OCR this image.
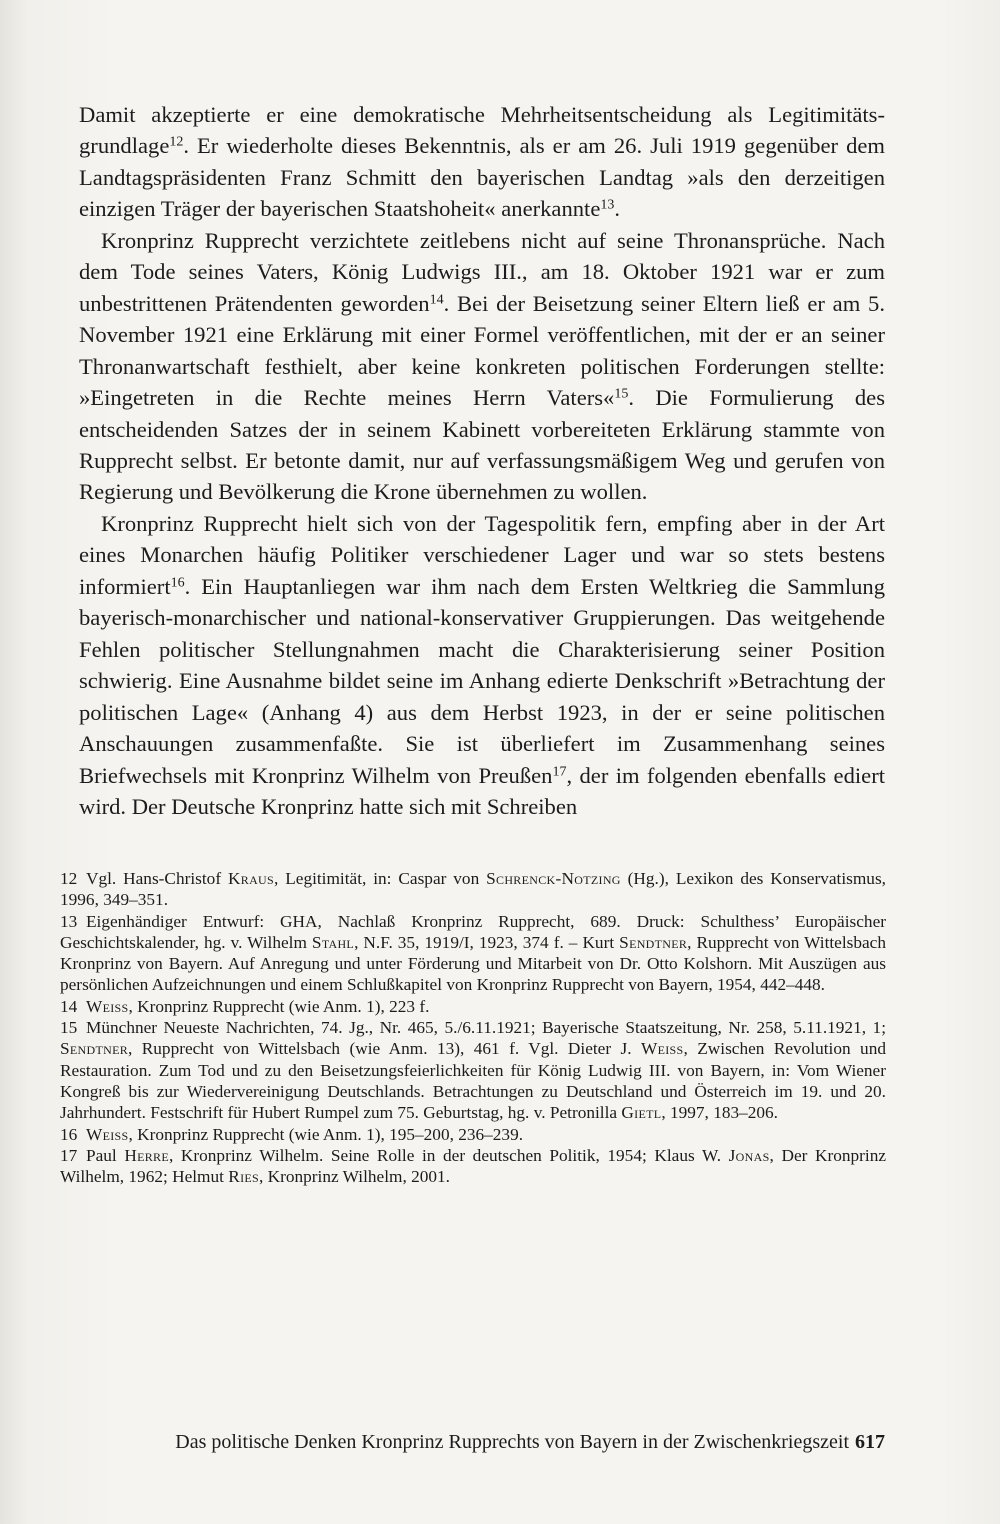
Damit akzeptierte er eine demokratische Mehrheitsentscheidung als Legitimitätsgrundlage$^{12}$. Er wiederholte dieses Bekenntnis, als er am 26. Juli 1919 gegenüber dem Landtagspräsidenten Franz Schmitt den bayerischen Landtag »als den derzeitigen einzigen Träger der bayerischen Staatshoheit« anerkannte$^{13}$.

Kronprinz Rupprecht verzichtete zeitlebens nicht auf seine Thronansprüche. Nach dem Tode seines Vaters, König Ludwigs III., am 18. Oktober 1921 war er zum unbestrittenen Prätendenten geworden$^{14}$. Bei der Beisetzung seiner Eltern ließ er am 5. November 1921 eine Erklärung mit einer Formel veröffentlichen, mit der er an seiner Thronanwartschaft festhielt, aber keine konkreten politischen Forderungen stellte: »Eingetreten in die Rechte meines Herrn Vaters«$^{15}$. Die Formulierung des entscheidenden Satzes der in seinem Kabinett vorbereiteten Erklärung stammte von Rupprecht selbst. Er betonte damit, nur auf verfassungsmäßigem Weg und gerufen von Regierung und Bevölkerung die Krone übernehmen zu wollen.

Kronprinz Rupprecht hielt sich von der Tagespolitik fern, empfing aber in der Art eines Monarchen häufig Politiker verschiedener Lager und war so stets bestens informiert$^{16}$. Ein Hauptanliegen war ihm nach dem Ersten Weltkrieg die Sammlung bayerisch-monarchischer und national-konservativer Gruppierungen. Das weitgehende Fehlen politischer Stellungnahmen macht die Charakterisierung seiner Position schwierig. Eine Ausnahme bildet seine im Anhang edierte Denkschrift »Betrachtung der politischen Lage« (Anhang 4) aus dem Herbst 1923, in der er seine politischen Anschauungen zusammenfaßte. Sie ist überliefert im Zusammenhang seines Briefwechsels mit Kronprinz Wilhelm von Preußen$^{17}$, der im folgenden ebenfalls ediert wird. Der Deutsche Kronprinz hatte sich mit Schreiben

12 Vgl. Hans-Christof Kraus, Legitimität, in: Caspar von Schrenck-Notzing (Hg.), Lexikon des Konservatismus, 1996, 349–351.

13 Eigenhändiger Entwurf: GHA, Nachlaß Kronprinz Rupprecht, 689. Druck: Schulthess’ Europäischer Geschichtskalender, hg. v. Wilhelm Stahl, N.F. 35, 1919/I, 1923, 374 f. – Kurt Sendtner, Rupprecht von Wittelsbach Kronprinz von Bayern. Auf Anregung und unter Förderung und Mitarbeit von Dr. Otto Kolshorn. Mit Auszügen aus persönlichen Aufzeichnungen und einem Schlußkapitel von Kronprinz Rupprecht von Bayern, 1954, 442–448.

14 Weiss, Kronprinz Rupprecht (wie Anm. 1), 223 f.

15 Münchner Neueste Nachrichten, 74. Jg., Nr. 465, 5./6.11.1921; Bayerische Staatszeitung, Nr. 258, 5.11.1921, 1; Sendtner, Rupprecht von Wittelsbach (wie Anm. 13), 461 f. Vgl. Dieter J. Weiss, Zwischen Revolution und Restauration. Zum Tod und zu den Beisetzungsfeierlichkeiten für König Ludwig III. von Bayern, in: Vom Wiener Kongreß bis zur Wiedervereinigung Deutschlands. Betrachtungen zu Deutschland und Österreich im 19. und 20. Jahrhundert. Festschrift für Hubert Rumpel zum 75. Geburtstag, hg. v. Petronilla Gietl, 1997, 183–206.

16 Weiss, Kronprinz Rupprecht (wie Anm. 1), 195–200, 236–239.

17 Paul Herre, Kronprinz Wilhelm. Seine Rolle in der deutschen Politik, 1954; Klaus W. Jonas, Der Kronprinz Wilhelm, 1962; Helmut Ries, Kronprinz Wilhelm, 2001.

Das politische Denken Kronprinz Rupprechts von Bayern in der Zwischenkriegszeit 617
